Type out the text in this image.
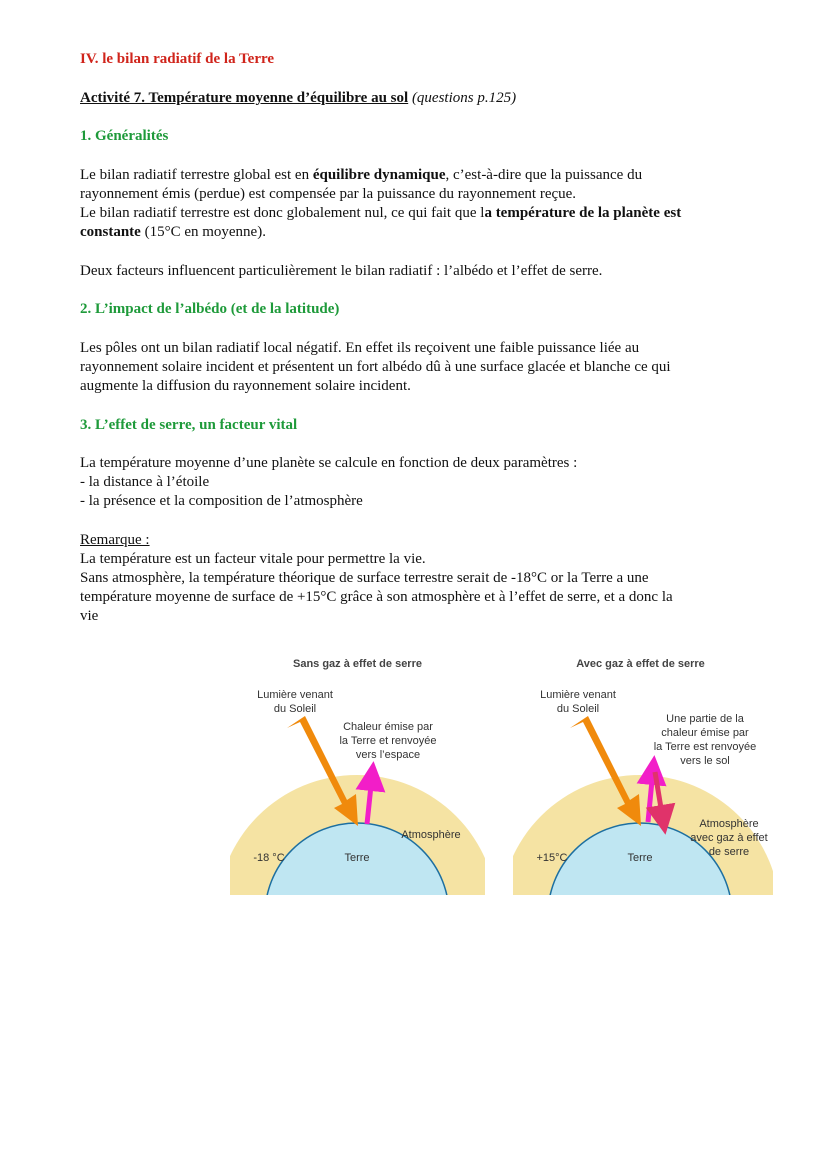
IV. le bilan radiatif de la Terre
Activité 7. Température moyenne d’équilibre au sol (questions p.125)
1. Généralités
Le bilan radiatif terrestre global est en équilibre dynamique, c’est-à-dire que la puissance du
rayonnement émis (perdue) est compensée par la puissance du rayonnement reçue.
Le bilan radiatif terrestre est donc globalement nul, ce qui fait que la température de la planète est
constante (15°C en moyenne).
Deux facteurs influencent particulièrement le bilan radiatif : l’albédo et l’effet de serre.
2. L’impact de l’albédo (et de la latitude)
Les pôles ont un bilan radiatif local négatif. En effet ils reçoivent une faible puissance liée au
rayonnement solaire incident et présentent un fort albédo dû à une surface glacée et blanche ce qui
augmente la diffusion du rayonnement solaire incident.
3. L’effet de serre, un facteur vital
La température moyenne d’une planète se calcule en fonction de deux paramètres :
- la distance à l’étoile
- la présence et la composition de l’atmosphère
Remarque :
La température est un facteur vitale pour permettre la vie.
Sans atmosphère, la température théorique de surface terrestre serait de -18°C or la Terre a une
température moyenne de surface de +15°C grâce à son atmosphère et à l’effet de serre, et a donc la
vie
Sans gaz à effet de serre
Lumière venant
du Soleil
Chaleur émise par
la Terre et renvoyée
vers l’espace
Atmosphère
-18 °C	Terre
Avec gaz à effet de serre
Lumière venant
du Soleil
Une partie de la
chaleur émise par
la Terre est renvoyée
vers le sol
Atmosphère
avec gaz à effet
de serre
+15°C	Terre
